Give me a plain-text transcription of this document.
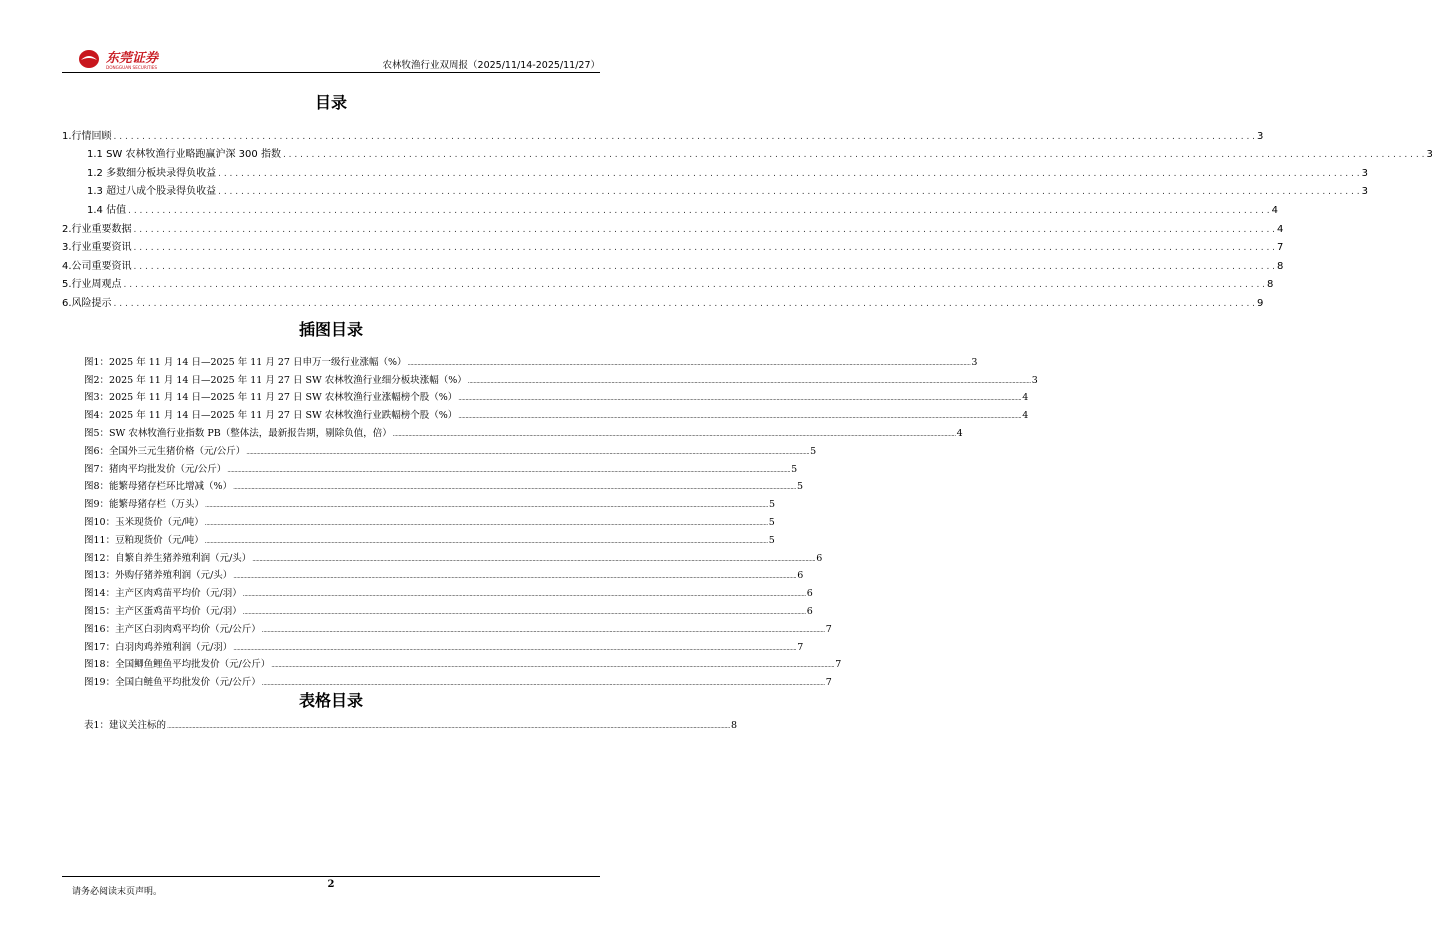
东莞证券
DONGGUAN SECURITIES	农林牧渔行业双周报（2025/11/14-2025/11/27）
目录
1.行情回顾 . . . . . . . . . . . . . . . . . . . . . . . . . . . . . . . . . . . . . . . . . . . . . . . . . . . . . . . . . . . . . . . . . . . . . . . . . . . . . . . . . . . . . . . . . . . . . . . . . . . . . . . . . . . . . . . . . . . . . . . . . . . . . . . . . . . . . . . . . . . . . . . . . . . . . . . . . . . . . . . . . . . . . . . . . . . . . . . . . . . . . . . . . . . . . . . . . . . . . . . . 3
1.1 SW 农林牧渔行业略跑赢沪深 300 指数 . . . . . . . . . . . . . . . . . . . . . . . . . . . . . . . . . . . . . . . . . . . . . . . . . . . . . . . . . . . . . . . . . . . . . . . . . . . . . . . . . . . . . . . . . . . . . . . . . . . . . . . . . . . . . . . . . . . . . . . . . . . . . . . . . . . . . . . . . . . . . . . . . . . . . . . . . . . . . . . . . . . . . . . . . . . . . . . . . . . . . . . . . . . . . . . . . . . . . . . . 3
1.2 多数细分板块录得负收益 . . . . . . . . . . . . . . . . . . . . . . . . . . . . . . . . . . . . . . . . . . . . . . . . . . . . . . . . . . . . . . . . . . . . . . . . . . . . . . . . . . . . . . . . . . . . . . . . . . . . . . . . . . . . . . . . . . . . . . . . . . . . . . . . . . . . . . . . . . . . . . . . . . . . . . . . . . . . . . . . . . . . . . . . . . . . . . . . . . . . . . . . . . . . . . . . . . . . . . . . 3
1.3 超过八成个股录得负收益 . . . . . . . . . . . . . . . . . . . . . . . . . . . . . . . . . . . . . . . . . . . . . . . . . . . . . . . . . . . . . . . . . . . . . . . . . . . . . . . . . . . . . . . . . . . . . . . . . . . . . . . . . . . . . . . . . . . . . . . . . . . . . . . . . . . . . . . . . . . . . . . . . . . . . . . . . . . . . . . . . . . . . . . . . . . . . . . . . . . . . . . . . . . . . . . . . . . . . . . . 3
1.4 估值 . . . . . . . . . . . . . . . . . . . . . . . . . . . . . . . . . . . . . . . . . . . . . . . . . . . . . . . . . . . . . . . . . . . . . . . . . . . . . . . . . . . . . . . . . . . . . . . . . . . . . . . . . . . . . . . . . . . . . . . . . . . . . . . . . . . . . . . . . . . . . . . . . . . . . . . . . . . . . . . . . . . . . . . . . . . . . . . . . . . . . . . . . . . . . . . . . . . . . . . . 4
2.行业重要数据 . . . . . . . . . . . . . . . . . . . . . . . . . . . . . . . . . . . . . . . . . . . . . . . . . . . . . . . . . . . . . . . . . . . . . . . . . . . . . . . . . . . . . . . . . . . . . . . . . . . . . . . . . . . . . . . . . . . . . . . . . . . . . . . . . . . . . . . . . . . . . . . . . . . . . . . . . . . . . . . . . . . . . . . . . . . . . . . . . . . . . . . . . . . . . . . . . . . . . . . . 4
3.行业重要资讯 . . . . . . . . . . . . . . . . . . . . . . . . . . . . . . . . . . . . . . . . . . . . . . . . . . . . . . . . . . . . . . . . . . . . . . . . . . . . . . . . . . . . . . . . . . . . . . . . . . . . . . . . . . . . . . . . . . . . . . . . . . . . . . . . . . . . . . . . . . . . . . . . . . . . . . . . . . . . . . . . . . . . . . . . . . . . . . . . . . . . . . . . . . . . . . . . . . . . . . . . 7
4.公司重要资讯 . . . . . . . . . . . . . . . . . . . . . . . . . . . . . . . . . . . . . . . . . . . . . . . . . . . . . . . . . . . . . . . . . . . . . . . . . . . . . . . . . . . . . . . . . . . . . . . . . . . . . . . . . . . . . . . . . . . . . . . . . . . . . . . . . . . . . . . . . . . . . . . . . . . . . . . . . . . . . . . . . . . . . . . . . . . . . . . . . . . . . . . . . . . . . . . . . . . . . . . . 8
5.行业周观点 . . . . . . . . . . . . . . . . . . . . . . . . . . . . . . . . . . . . . . . . . . . . . . . . . . . . . . . . . . . . . . . . . . . . . . . . . . . . . . . . . . . . . . . . . . . . . . . . . . . . . . . . . . . . . . . . . . . . . . . . . . . . . . . . . . . . . . . . . . . . . . . . . . . . . . . . . . . . . . . . . . . . . . . . . . . . . . . . . . . . . . . . . . . . . . . . . . . . . . . . 8
6.风险提示 . . . . . . . . . . . . . . . . . . . . . . . . . . . . . . . . . . . . . . . . . . . . . . . . . . . . . . . . . . . . . . . . . . . . . . . . . . . . . . . . . . . . . . . . . . . . . . . . . . . . . . . . . . . . . . . . . . . . . . . . . . . . . . . . . . . . . . . . . . . . . . . . . . . . . . . . . . . . . . . . . . . . . . . . . . . . . . . . . . . . . . . . . . . . . . . . . . . . . . . . 9
插图目录
图1：2025 年 11 月 14 日—2025 年 11 月 27 日申万一级行业涨幅（%） ................................................................................................................................................................................................................................................................................................................................................................................................................ 3
图2：2025 年 11 月 14 日—2025 年 11 月 27 日 SW 农林牧渔行业细分板块涨幅（%） ................................................................................................................................................................................................................................................................................................................................................................................................................ 3
图3：2025 年 11 月 14 日—2025 年 11 月 27 日 SW 农林牧渔行业涨幅榜个股（%） ................................................................................................................................................................................................................................................................................................................................................................................................................ 4
图4：2025 年 11 月 14 日—2025 年 11 月 27 日 SW 农林牧渔行业跌幅榜个股（%） ................................................................................................................................................................................................................................................................................................................................................................................................................ 4
图5：SW 农林牧渔行业指数 PB（整体法，最新报告期，剔除负值，倍） ................................................................................................................................................................................................................................................................................................................................................................................................................ 4
图6：全国外三元生猪价格（元/公斤） ................................................................................................................................................................................................................................................................................................................................................................................................................ 5
图7：猪肉平均批发价（元/公斤） ................................................................................................................................................................................................................................................................................................................................................................................................................ 5
图8：能繁母猪存栏环比增减（%） ................................................................................................................................................................................................................................................................................................................................................................................................................ 5
图9：能繁母猪存栏（万头） ................................................................................................................................................................................................................................................................................................................................................................................................................ 5
图10：玉米现货价（元/吨） ................................................................................................................................................................................................................................................................................................................................................................................................................ 5
图11：豆粕现货价（元/吨） ................................................................................................................................................................................................................................................................................................................................................................................................................ 5
图12：自繁自养生猪养殖利润（元/头） ................................................................................................................................................................................................................................................................................................................................................................................................................ 6
图13：外购仔猪养殖利润（元/头） ................................................................................................................................................................................................................................................................................................................................................................................................................ 6
图14：主产区肉鸡苗平均价（元/羽） ................................................................................................................................................................................................................................................................................................................................................................................................................ 6
图15：主产区蛋鸡苗平均价（元/羽） ................................................................................................................................................................................................................................................................................................................................................................................................................ 6
图16：主产区白羽肉鸡平均价（元/公斤） ................................................................................................................................................................................................................................................................................................................................................................................................................ 7
图17：白羽肉鸡养殖利润（元/羽） ................................................................................................................................................................................................................................................................................................................................................................................................................ 7
图18：全国鲫鱼鲤鱼平均批发价（元/公斤） ................................................................................................................................................................................................................................................................................................................................................................................................................ 7
图19：全国白鲢鱼平均批发价（元/公斤） ................................................................................................................................................................................................................................................................................................................................................................................................................ 7
表格目录
表1：建议关注标的 ................................................................................................................................................................................................................................................................................................................................................................................................................ 8
请务必阅读末页声明。
2
